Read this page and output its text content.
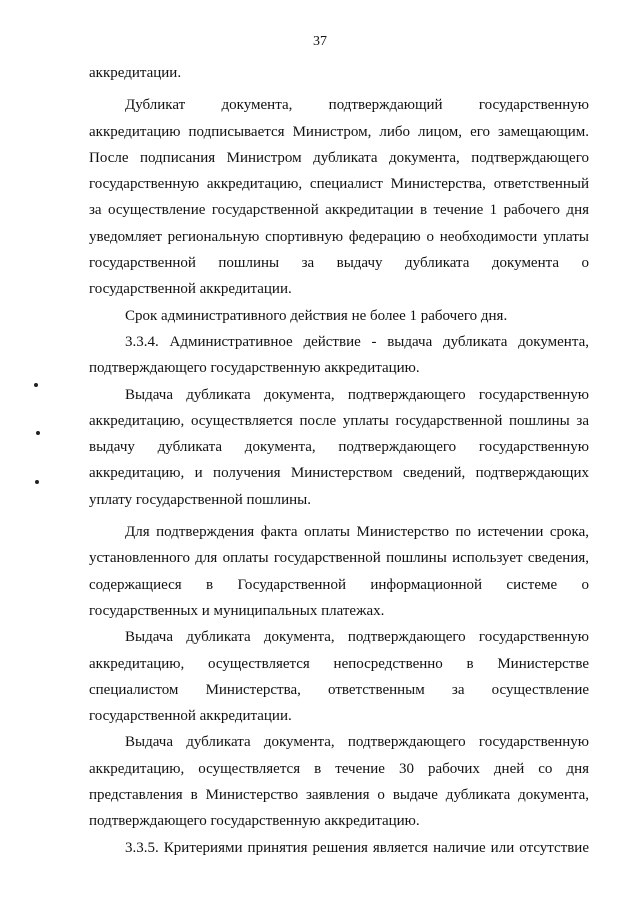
37
аккредитации.
Дубликат документа, подтверждающий государственную
аккредитацию подписывается Министром, либо лицом, его замещающим.
После подписания Министром дубликата документа, подтверждающего
государственную аккредитацию, специалист Министерства, ответственный
за осуществление государственной аккредитации в течение 1 рабочего дня
уведомляет региональную спортивную федерацию о необходимости уплаты
государственной пошлины за выдачу дубликата документа о
государственной аккредитации.
Срок административного действия не более 1 рабочего дня.
3.3.4. Административное действие - выдача дубликата документа,
подтверждающего государственную аккредитацию.
Выдача дубликата документа, подтверждающего государственную
аккредитацию, осуществляется после уплаты государственной пошлины за
выдачу дубликата документа, подтверждающего государственную
аккредитацию, и получения Министерством сведений, подтверждающих
уплату государственной пошлины.
Для подтверждения факта оплаты Министерство по истечении срока,
установленного для оплаты государственной пошлины использует сведения,
содержащиеся в Государственной информационной системе о
государственных и муниципальных платежах.
Выдача дубликата документа, подтверждающего государственную
аккредитацию, осуществляется непосредственно в Министерстве
специалистом Министерства, ответственным за осуществление
государственной аккредитации.
Выдача дубликата документа, подтверждающего государственную
аккредитацию, осуществляется в течение 30 рабочих дней со дня
представления в Министерство заявления о выдаче дубликата документа,
подтверждающего государственную аккредитацию.
3.3.5. Критериями принятия решения является наличие или отсутствие
